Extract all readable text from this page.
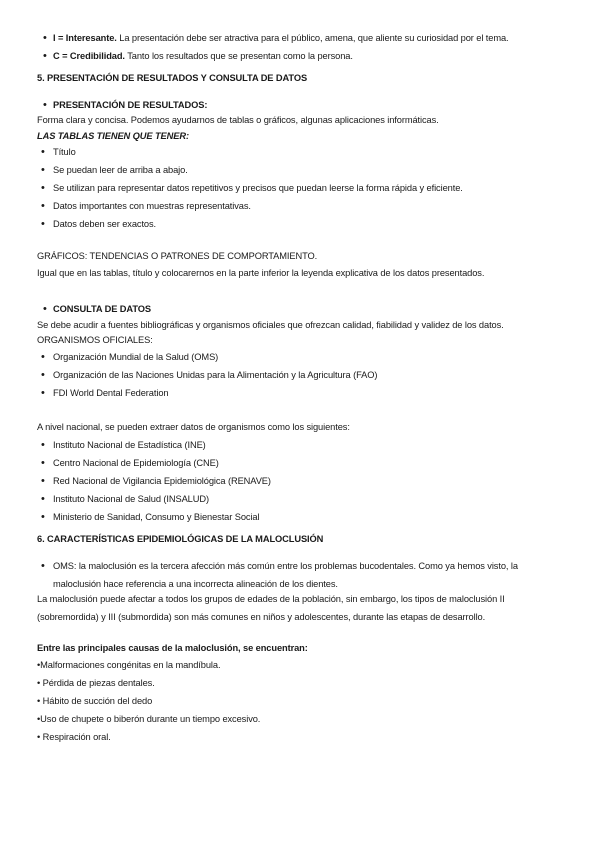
• I = Interesante. La presentación debe ser atractiva para el público, amena, que aliente su curiosidad por el tema.
• C = Credibilidad. Tanto los resultados que se presentan como la persona.

5. PRESENTACIÓN DE RESULTADOS Y CONSULTA DE DATOS

• PRESENTACIÓN DE RESULTADOS:

Forma clara y concisa. Podemos ayudarnos de tablas o gráficos, algunas aplicaciones informáticas.

LAS TABLAS TIENEN QUE TENER:

• Título
• Se puedan leer de arriba a abajo.
• Se utilizan para representar datos repetitivos y precisos que puedan leerse la forma rápida y eficiente.
• Datos importantes con muestras representativas.
• Datos deben ser exactos.

GRÁFICOS: TENDENCIAS O PATRONES DE COMPORTAMIENTO.

Igual que en las tablas, título y colocarernos en la parte inferior la leyenda explicativa de los datos presentados.

• CONSULTA DE DATOS

Se debe acudir a fuentes bibliográficas y organismos oficiales que ofrezcan calidad, fiabilidad y validez de los datos.

ORGANISMOS OFICIALES:

• Organización Mundial de la Salud (OMS)
• Organización de las Naciones Unidas para la Alimentación y la Agricultura (FAO)
• FDI World Dental Federation

A nivel nacional, se pueden extraer datos de organismos como los siguientes:

• Instituto Nacional de Estadística (INE)
• Centro Nacional de Epidemiología (CNE)
• Red Nacional de Vigilancia Epidemiológica (RENAVE)
• Instituto Nacional de Salud (INSALUD)
• Ministerio de Sanidad, Consumo y Bienestar Social

6. CARACTERÍSTICAS EPIDEMIOLÓGICAS DE LA MALOCLUSIÓN

• OMS: la maloclusión es la tercera afección más común entre los problemas bucodentales. Como ya hemos visto, la
maloclusión hace referencia a una incorrecta alineación de los dientes.

La maloclusión puede afectar a todos los grupos de edades de la población, sin embargo, los tipos de maloclusión II

(sobremordida) y III (submordida) son más comunes en niños y adolescentes, durante las etapas de desarrollo.

Entre las principales causas de la maloclusión, se encuentran:

•Malformaciones congénitas en la mandíbula.

• Pérdida de piezas dentales.

• Hábito de succión del dedo

•Uso de chupete o biberón durante un tiempo excesivo.

• Respiración oral.
